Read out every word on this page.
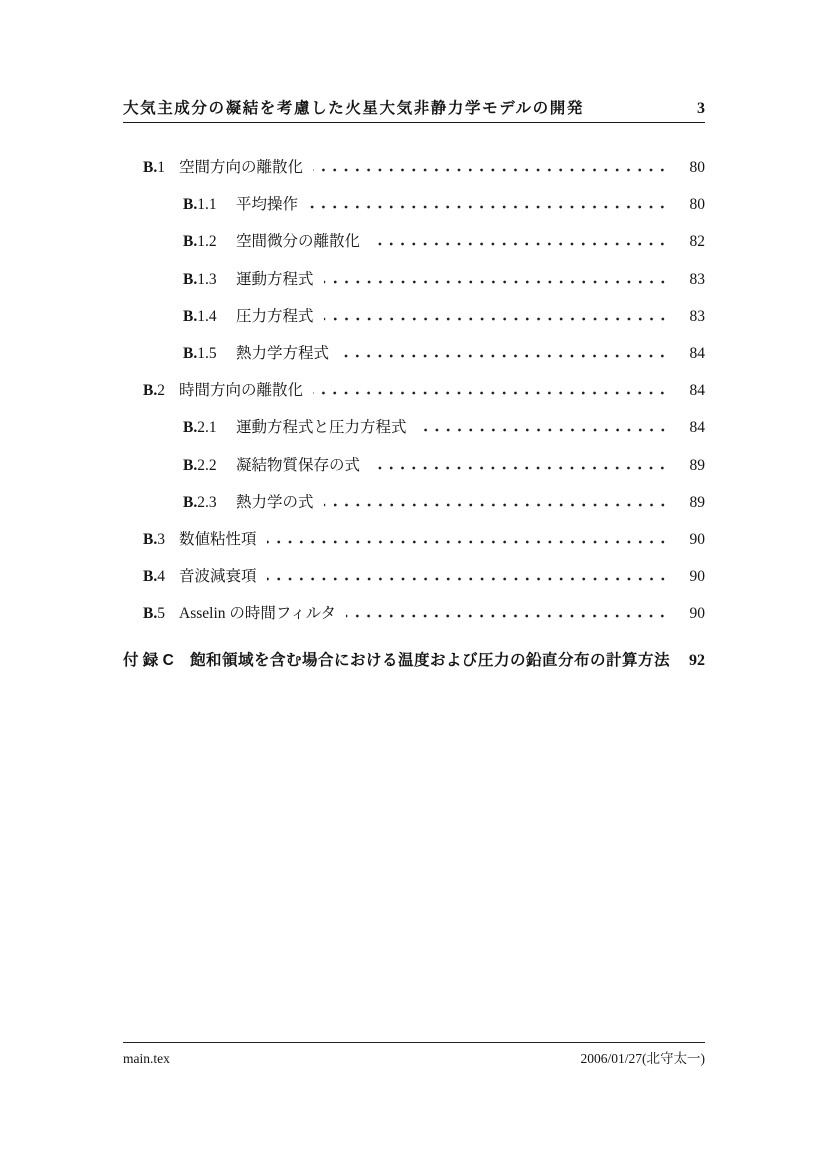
大気主成分の凝結を考慮した火星大気非静力学モデルの開発	3
B.1 空間方向の離散化	80
B.1.1	平均操作	80
B.1.2	空間微分の離散化	82
B.1.3	運動方程式	83
B.1.4	圧力方程式	83
B.1.5	熱力学方程式	84
B.2 時間方向の離散化	84
B.2.1	運動方程式と圧力方程式	84
B.2.2	凝結物質保存の式	89
B.2.3	熱力学の式	89
B.3 数値粘性項	90
B.4 音波減衰項	90
B.5 Asselin の時間フィルタ	90
付 録 C	飽和領域を含む場合における温度および圧力の鉛直分布の計算方法	92
main.tex	2006/01/27(北守太一)
